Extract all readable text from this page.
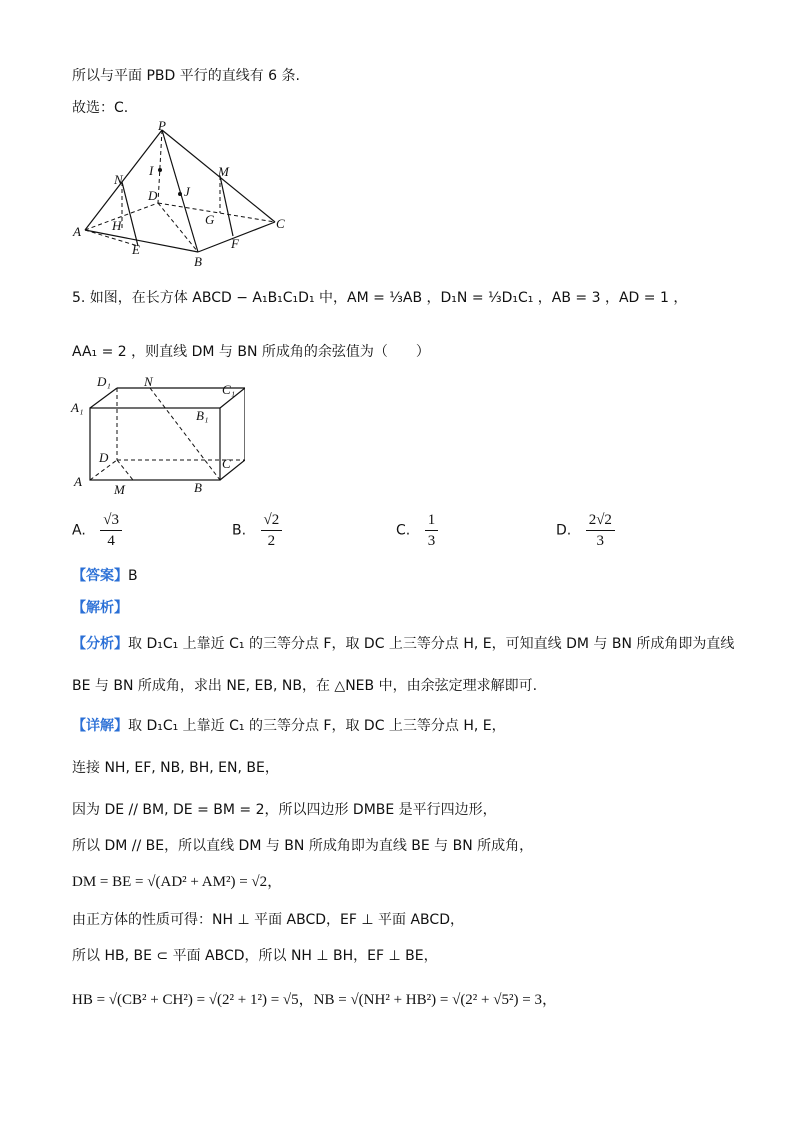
所以与平面 PBD 平行的直线有 6 条.
故选：C.
P
N
M
I
D J
G
H
A
E
B
F
C
5. 如图，在长方体 ABCD − A₁B₁C₁D₁ 中，AM = ⅓AB ，D₁N = ⅓D₁C₁ ，AB = 3 ，AD = 1 ，
AA₁ = 2 ，则直线 DM 与 BN 所成角的余弦值为（　　）
D₁	N
C₁
A₁
B₁
D	C
A
M	B
A. $\frac{√3}{4}$	B. $\frac{√2}{2}$	C. $\frac{1}{3}$	D. $\frac{2√2}{3}$
【答案】B
【解析】
【分析】取 D₁C₁ 上靠近 C₁ 的三等分点 F，取 DC 上三等分点 H, E，可知直线 DM 与 BN 所成角即为直线
BE 与 BN 所成角，求出 NE, EB, NB，在 △NEB 中，由余弦定理求解即可.
【详解】取 D₁C₁ 上靠近 C₁ 的三等分点 F，取 DC 上三等分点 H, E，
连接 NH, EF, NB, BH, EN, BE，
因为 DE // BM, DE = BM = 2，所以四边形 DMBE 是平行四边形，
所以 DM // BE，所以直线 DM 与 BN 所成角即为直线 BE 与 BN 所成角，
DM = BE = √(AD² + AM²) = √2，
由正方体的性质可得：NH ⊥ 平面 ABCD，EF ⊥ 平面 ABCD，
所以 HB, BE ⊂ 平面 ABCD，所以 NH ⊥ BH，EF ⊥ BE，
HB = √(CB² + CH²) = √(2² + 1²) = √5，NB = √(NH² + HB²) = √(2² + √5²) = 3，
